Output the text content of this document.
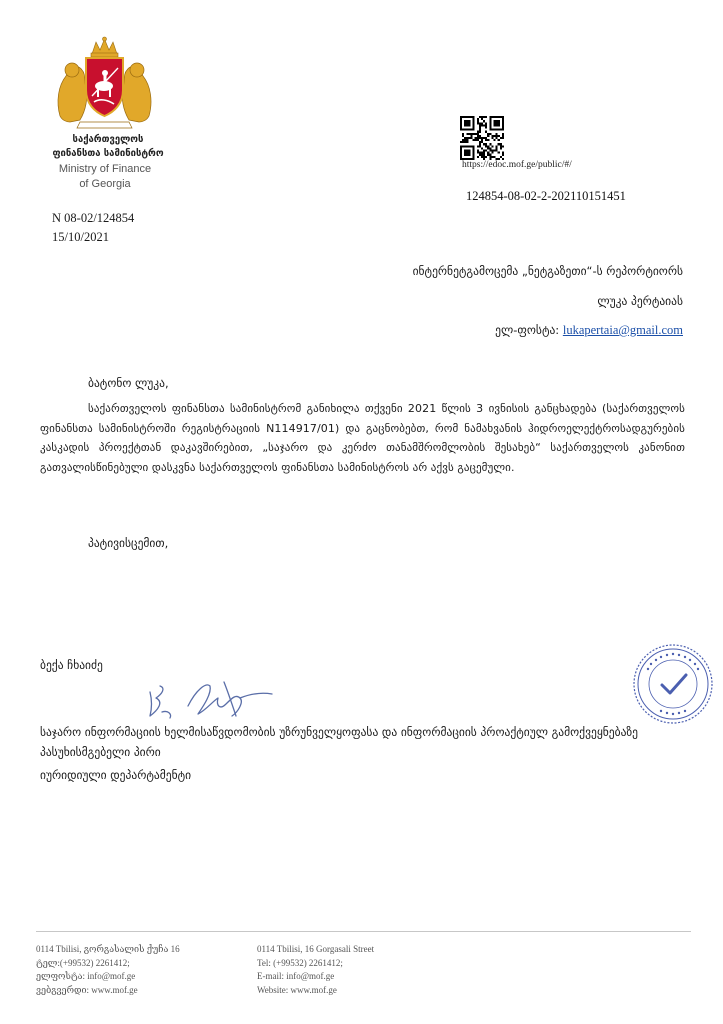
საქართველოს
ფინანსთა სამინისტრო
Ministry of Finance
of Georgia
https://edoc.mof.ge/public/#/
124854-08-02-2-202110151451
N 08-02/124854
15/10/2021
ინტერნეტგამოცემა „ნეტგაზეთი“-ს რეპორტიორს
ლუკა პერტაიას
ელ-ფოსტა: lukapertaia@gmail.com
ბატონო ლუკა,
საქართველოს ფინანსთა სამინისტრომ განიხილა თქვენი 2021 წლის 3 ივნისის განცხადება (საქართველოს ფინანსთა სამინისტროში რეგისტრაციის N114917/01) და გაცნობებთ, რომ ნამახვანის ჰიდროელექტროსადგურების კასკადის პროექტთან დაკავშირებით, „საჯარო და კერძო თანამშრომლობის შესახებ“ საქართველოს კანონით გათვალისწინებული დასკვნა საქართველოს ფინანსთა სამინისტროს არ აქვს გაცემული.
პატივისცემით,
ბექა ჩხაიძე
საჯარო ინფორმაციის ხელმისაწვდომობის უზრუნველყოფასა და ინფორმაციის პროაქტიულ გამოქვეყნებაზე პასუხისმგებელი პირი
იურიდიული დეპარტამენტი
0114 Tbilisi, გორგასალის ქუჩა 16
ტელ:(+99532) 2261412;
ელფოსტა: info@mof.ge
ვებგვერდი: www.mof.ge
0114 Tbilisi, 16 Gorgasali Street
Tel: (+99532) 2261412;
E-mail: info@mof.ge
Website: www.mof.ge
